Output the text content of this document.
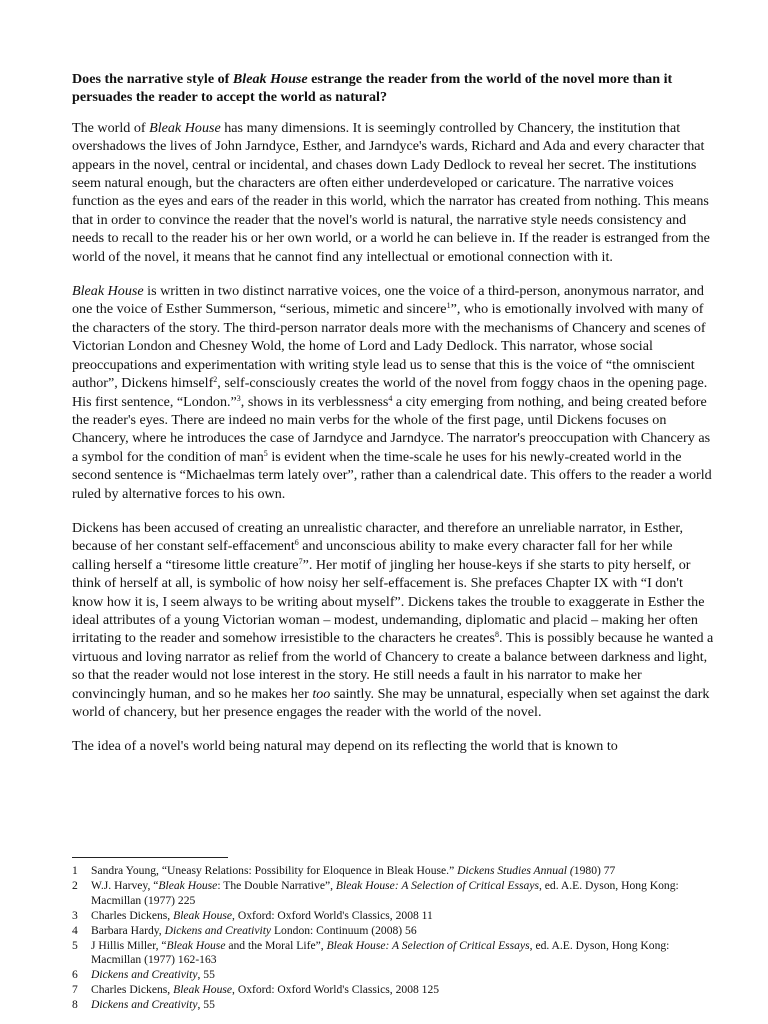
Does the narrative style of Bleak House estrange the reader from the world of the novel more than it persuades the reader to accept the world as natural?

The world of Bleak House has many dimensions. It is seemingly controlled by Chancery, the institution that overshadows the lives of John Jarndyce, Esther, and Jarndyce's wards, Richard and Ada and every character that appears in the novel, central or incidental, and chases down Lady Dedlock to reveal her secret. The institutions seem natural enough, but the characters are often either underdeveloped or caricature. The narrative voices function as the eyes and ears of the reader in this world, which the narrator has created from nothing. This means that in order to convince the reader that the novel's world is natural, the narrative style needs consistency and needs to recall to the reader his or her own world, or a world he can believe in. If the reader is estranged from the world of the novel, it means that he cannot find any intellectual or emotional connection with it.

Bleak House is written in two distinct narrative voices, one the voice of a third-person, anonymous narrator, and one the voice of Esther Summerson, “serious, mimetic and sincere$^1$”, who is emotionally involved with many of the characters of the story. The third-person narrator deals more with the mechanisms of Chancery and scenes of Victorian London and Chesney Wold, the home of Lord and Lady Dedlock. This narrator, whose social preoccupations and experimentation with writing style lead us to sense that this is the voice of “the omniscient author”, Dickens himself$^2$, self-consciously creates the world of the novel from foggy chaos in the opening page. His first sentence, “London.”$^3$, shows in its verblessness$^4$ a city emerging from nothing, and being created before the reader's eyes. There are indeed no main verbs for the whole of the first page, until Dickens focuses on Chancery, where he introduces the case of Jarndyce and Jarndyce. The narrator's preoccupation with Chancery as a symbol for the condition of man$^5$ is evident when the time-scale he uses for his newly-created world in the second sentence is “Michaelmas term lately over”, rather than a calendrical date. This offers to the reader a world ruled by alternative forces to his own.

Dickens has been accused of creating an unrealistic character, and therefore an unreliable narrator, in Esther, because of her constant self-effacement$^6$ and unconscious ability to make every character fall for her while calling herself a “tiresome little creature$^7$”. Her motif of jingling her house-keys if she starts to pity herself, or think of herself at all, is symbolic of how noisy her self-effacement is. She prefaces Chapter IX with “I don't know how it is, I seem always to be writing about myself”. Dickens takes the trouble to exaggerate in Esther the ideal attributes of a young Victorian woman – modest, undemanding, diplomatic and placid – making her often irritating to the reader and somehow irresistible to the characters he creates$^8$. This is possibly because he wanted a virtuous and loving narrator as relief from the world of Chancery to create a balance between darkness and light, so that the reader would not lose interest in the story. He still needs a fault in his narrator to make her convincingly human, and so he makes her too saintly. She may be unnatural, especially when set against the dark world of chancery, but her presence engages the reader with the world of the novel.

The idea of a novel's world being natural may depend on its reflecting the world that is known to

1	Sandra Young, “Uneasy Relations: Possibility for Eloquence in Bleak House.” Dickens Studies Annual (1980) 77
2	W.J. Harvey, “Bleak House: The Double Narrative”, Bleak House: A Selection of Critical Essays, ed. A.E. Dyson, Hong Kong: Macmillan (1977) 225
3	Charles Dickens, Bleak House, Oxford: Oxford World's Classics, 2008 11
4	Barbara Hardy, Dickens and Creativity London: Continuum (2008) 56
5	J Hillis Miller, “Bleak House and the Moral Life”, Bleak House: A Selection of Critical Essays, ed. A.E. Dyson, Hong Kong: Macmillan (1977) 162-163
6	Dickens and Creativity, 55
7	Charles Dickens, Bleak House, Oxford: Oxford World's Classics, 2008 125
8	Dickens and Creativity, 55
